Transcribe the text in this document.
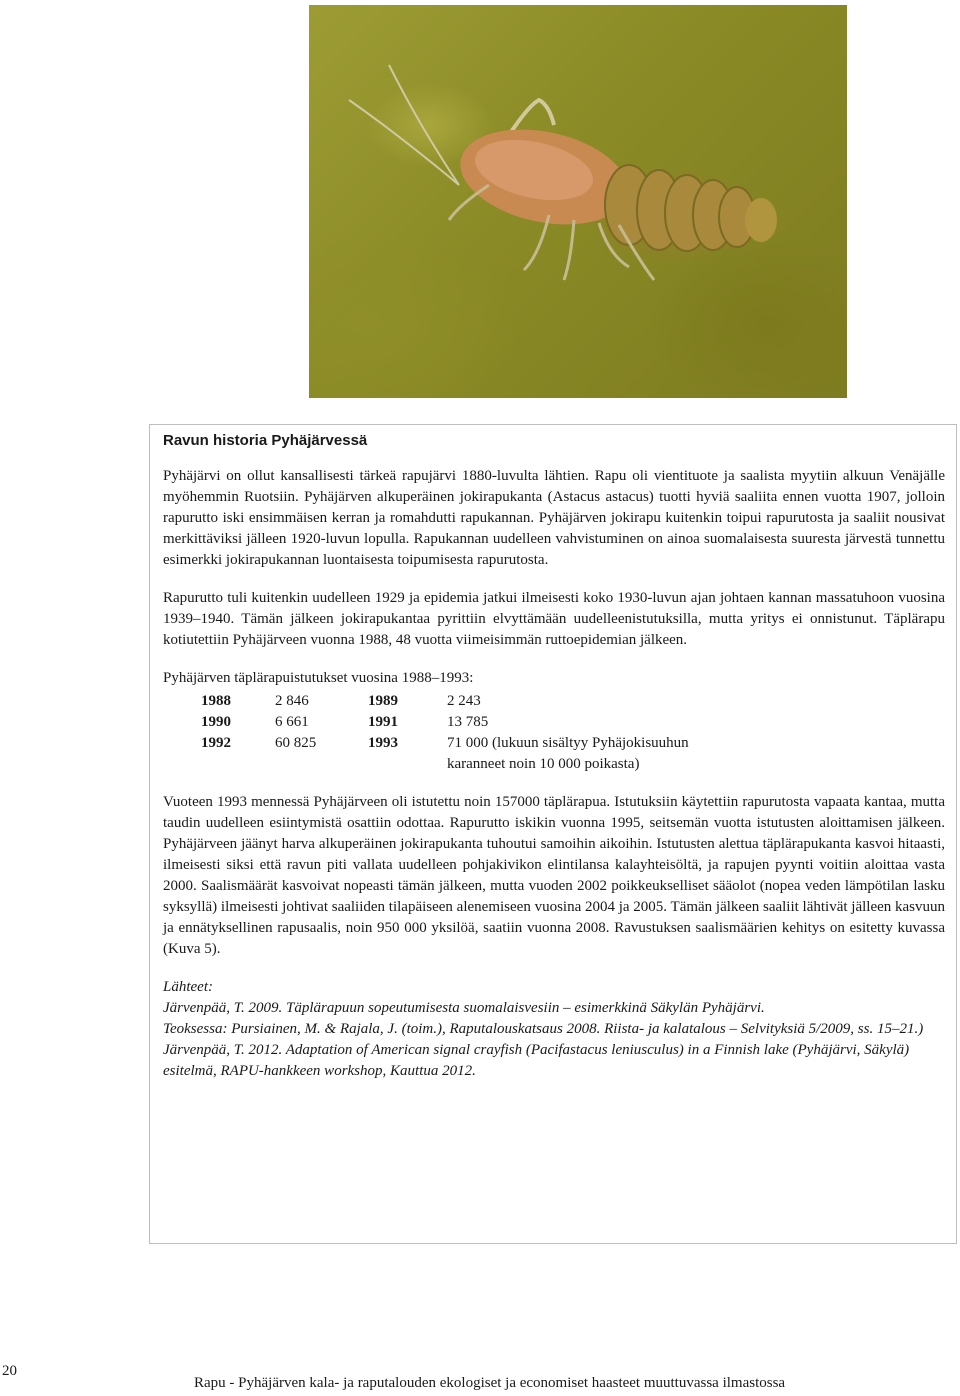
Ravun historia Pyhäjärvessä

Pyhäjärvi on ollut kansallisesti tärkeä rapujärvi 1880-luvulta lähtien. Rapu oli vientituote ja saalista myytiin alkuun Venäjälle myöhemmin Ruotsiin. Pyhäjärven alkuperäinen jokirapukanta (Astacus astacus) tuotti hyviä saaliita ennen vuotta 1907, jolloin rapurutto iski ensimmäisen kerran ja romahdutti rapukannan. Pyhäjärven jokirapu kuitenkin toipui rapurutosta ja saaliit nousivat merkittäviksi jälleen 1920-luvun lopulla. Rapukannan uudelleen vahvistuminen on ainoa suomalaisesta suuresta järvestä tunnettu esimerkki jokirapukannan luontaisesta toipumisesta rapurutosta.

Rapurutto tuli kuitenkin uudelleen 1929 ja epidemia jatkui ilmeisesti koko 1930-luvun ajan johtaen kannan massatuhoon vuosina 1939–1940. Tämän jälkeen jokirapukantaa pyrittiin elvyttämään uudelleenistutuksilla, mutta yritys ei onnistunut. Täplärapu kotiutettiin Pyhäjärveen vuonna 1988, 48 vuotta viimeisimmän ruttoepidemian jälkeen.

Pyhäjärven täplärapuistutukset vuosina 1988–1993:

1988	2 846	1989	2 243
1990	6 661	1991	13 785
1992	60 825	1993	71 000 (lukuun sisältyy Pyhäjokisuuhun
karanneet noin 10 000 poikasta)

Vuoteen 1993 mennessä Pyhäjärveen oli istutettu noin 157000 täplärapua. Istutuksiin käytettiin rapurutosta vapaata kantaa, mutta taudin uudelleen esiintymistä osattiin odottaa. Rapurutto iskikin vuonna 1995, seitsemän vuotta istutusten aloittamisen jälkeen. Pyhäjärveen jäänyt harva alkuperäinen jokirapukanta tuhoutui samoihin aikoihin. Istutusten alettua täplärapukanta kasvoi hitaasti, ilmeisesti siksi että ravun piti vallata uudelleen pohjakivikon elintilansa kalayhteisöltä, ja rapujen pyynti voitiin aloittaa vasta 2000. Saalismäärät kasvoivat nopeasti tämän jälkeen, mutta vuoden 2002 poikkeukselliset sääolot (nopea veden lämpötilan lasku syksyllä) ilmeisesti johtivat saaliiden tilapäiseen alenemiseen vuosina 2004 ja 2005. Tämän jälkeen saaliit lähtivät jälleen kasvuun ja ennätyksellinen rapusaalis, noin 950 000 yksilöä, saatiin vuonna 2008. Ravustuksen saalismäärien kehitys on esitetty kuvassa (Kuva 5).

Lähteet:

Järvenpää, T. 2009. Täplärapuun sopeutumisesta suomalaisvesiin – esimerkkinä Säkylän Pyhäjärvi.

Teoksessa: Pursiainen, M. & Rajala, J. (toim.), Raputalouskatsaus 2008. Riista- ja kalatalous – Selvityksiä 5/2009, ss. 15–21.)

Järvenpää, T. 2012. Adaptation of American signal crayfish (Pacifastacus leniusculus) in a Finnish lake (Pyhäjärvi, Säkylä) esitelmä, RAPU-hankkeen workshop, Kauttua 2012.

20
Rapu - Pyhäjärven kala- ja raputalouden ekologiset ja economiset haasteet muuttuvassa ilmastossa
